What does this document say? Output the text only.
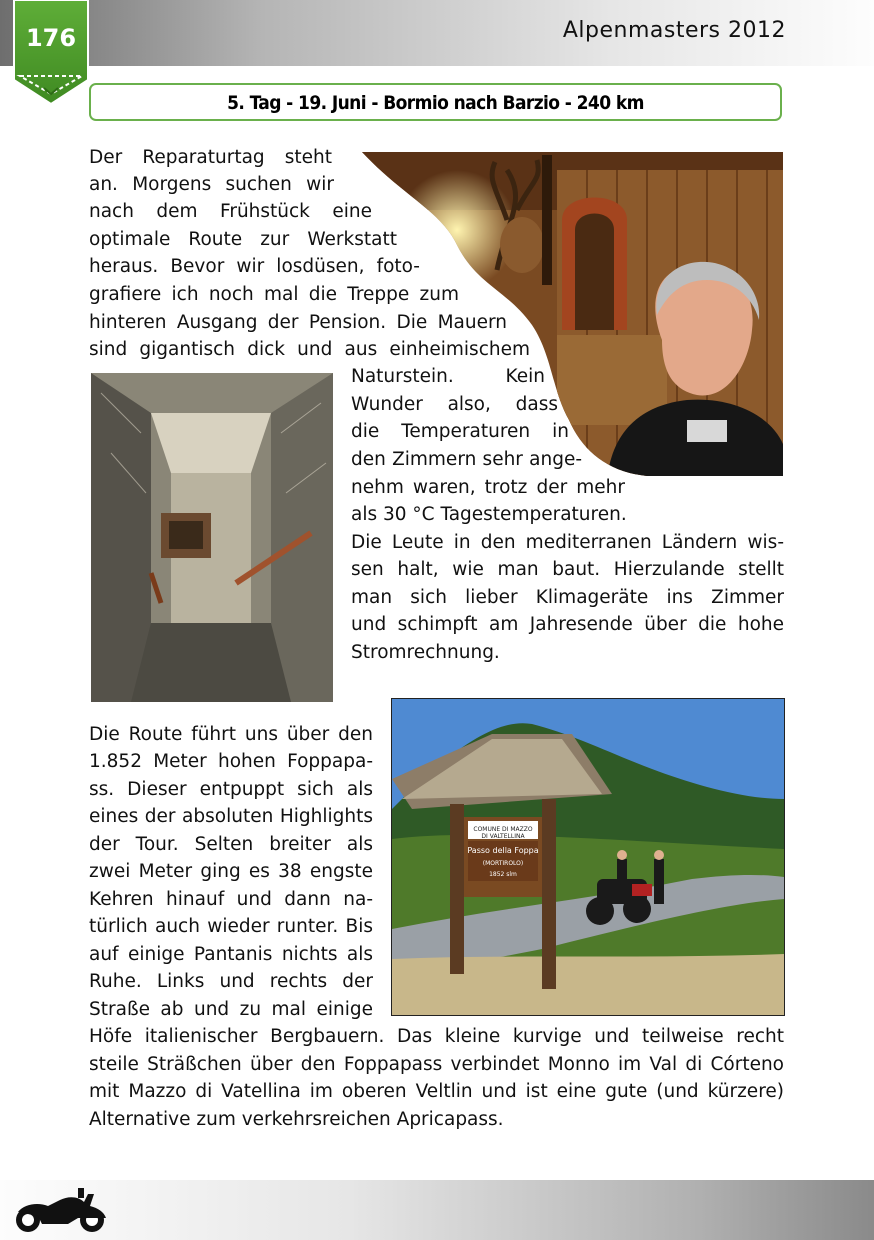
Alpenmasters 2012
176
5. Tag - 19. Juni - Bormio nach Barzio - 240 km
COMUNE DI MAZZO
DI VALTELLINA
Passo della Foppa
(MORTIROLO)
1852 slm
Der Reparaturtag steht
an. Morgens suchen wir
nach dem Frühstück eine
optimale Route zur Werkstatt
heraus. Bevor wir losdüsen, foto-
grafiere ich noch mal die Treppe zum
hinteren Ausgang der Pension. Die Mauern
sind gigantisch dick und aus einheimischem
Naturstein. Kein
Wunder also, dass
die Temperaturen in
den Zimmern sehr ange-
nehm waren, trotz der mehr
als 30 °C Tagestemperaturen.
Die Leute in den mediterranen Ländern wis-
sen halt, wie man baut. Hierzulande stellt
man sich lieber Klimageräte ins Zimmer
und schimpft am Jahresende über die hohe
Stromrechnung.
Die Route führt uns über den
1.852 Meter hohen Foppapa-
ss. Dieser entpuppt sich als
eines der absoluten Highlights
der Tour. Selten breiter als
zwei Meter ging es 38 engste
Kehren hinauf und dann na-
türlich auch wieder runter. Bis
auf einige Pantanis nichts als
Ruhe. Links und rechts der
Straße ab und zu mal einige
Höfe italienischer Bergbauern. Das kleine kurvige und teilweise recht
steile Sträßchen über den Foppapass verbindet Monno im Val di Córteno
mit Mazzo di Vatellina im oberen Veltlin und ist eine gute (und kürzere)
Alternative zum verkehrsreichen Apricapass.
